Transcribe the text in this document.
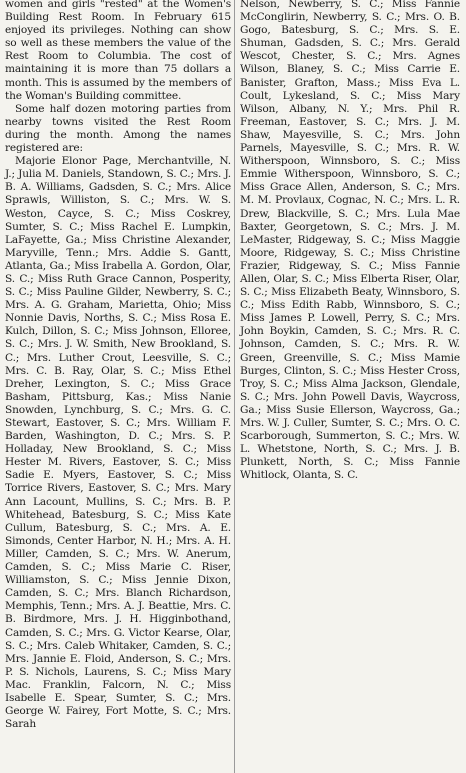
women and girls "rested" at the Women's Building Rest Room. In February 615 enjoyed its privileges. Nothing can show so well as these members the value of the Rest Room to Columbia. The cost of maintaining it is more than 75 dollars a month. This is assumed by the members of the Woman's Building committee.

Some half dozen motoring parties from nearby towns visited the Rest Room during the month. Among the names registered are:

Majorie Elonor Page, Merchantville, N. J.; Julia M. Daniels, Standown, S. C.; Mrs. J. B. A. Williams, Gadsden, S. C.; Mrs. Alice Sprawls, Williston, S. C.; Mrs. W. S. Weston, Cayce, S. C.; Miss Coskrey, Sumter, S. C.; Miss Rachel E. Lumpkin, LaFayette, Ga.; Miss Christine Alexander, Maryville, Tenn.; Mrs. Addie S. Gantt, Atlanta, Ga.; Miss Irabella A. Gordon, Olar, S. C.; Miss Ruth Grace Cannon, Posperity, S. C.; Miss Pauline Gilder, Newberry, S. C.; Mrs. A. G. Graham, Marietta, Ohio; Miss Nonnie Davis, Norths, S. C.; Miss Rosa E. Kulch, Dillon, S. C.; Miss Johnson, Elloree, S. C.; Mrs. J. W. Smith, New Brookland, S. C.; Mrs. Luther Crout, Leesville, S. C.; Mrs. C. B. Ray, Olar, S. C.; Miss Ethel Dreher, Lexington, S. C.; Miss Grace Basham, Pittsburg, Kas.; Miss Nanie Snowden, Lynchburg, S. C.; Mrs. G. C. Stewart, Eastover, S. C.; Mrs. William F. Barden, Washington, D. C.; Mrs. S. P. Holladay, New Brookland, S. C.; Miss Hester M. Rivers, Eastover, S. C.; Miss Sadie E. Myers, Eastover, S. C.; Miss Torrice Rivers, Eastover, S. C.; Mrs. Mary Ann Lacount, Mullins, S. C.; Mrs. B. P. Whitehead, Batesburg, S. C.; Miss Kate Cullum, Batesburg, S. C.; Mrs. A. E. Simonds, Center Harbor, N. H.; Mrs. A. H. Miller, Camden, S. C.; Mrs. W. Anerum, Camden, S. C.; Miss Marie C. Riser, Williamston, S. C.; Miss Jennie Dixon, Camden, S. C.; Mrs. Blanch Richardson, Memphis, Tenn.; Mrs. A. J. Beattie, Mrs. C. B. Birdmore, Mrs. J. H. Higginbothand, Camden, S. C.; Mrs. G. Victor Kearse, Olar, S. C.; Mrs. Caleb Whitaker, Camden, S. C.; Mrs. Jannie E. Floid, Anderson, S. C.; Mrs. P. S. Nichols, Laurens, S. C.; Miss Mary Mac. Franklin, Falcorn, N. C.; Miss Isabelle E. Spear, Sumter, S. C.; Mrs. George W. Fairey, Fort Motte, S. C.; Mrs. Sarah

Nelson, Newberry, S. C.; Miss Fannie McConglirin, Newberry, S. C.; Mrs. O. B. Gogo, Batesburg, S. C.; Mrs. S. E. Shuman, Gadsden, S. C.; Mrs. Gerald Wescot, Chester, S. C.; Mrs. Agnes Wilson, Blaney, S. C.; Miss Carrie E. Banister, Grafton, Mass.; Miss Eva L. Coult, Lykesland, S. C.; Miss Mary Wilson, Albany, N. Y.; Mrs. Phil R. Freeman, Eastover, S. C.; Mrs. J. M. Shaw, Mayesville, S. C.; Mrs. John Parnels, Mayesville, S. C.; Mrs. R. W. Witherspoon, Winnsboro, S. C.; Miss Emmie Witherspoon, Winnsboro, S. C.; Miss Grace Allen, Anderson, S. C.; Mrs. M. M. Provlaux, Cognac, N. C.; Mrs. L. R. Drew, Blackville, S. C.; Mrs. Lula Mae Baxter, Georgetown, S. C.; Mrs. J. M. LeMaster, Ridgeway, S. C.; Miss Maggie Moore, Ridgeway, S. C.; Miss Christine Frazier, Ridgeway, S. C.; Miss Fannie Allen, Olar, S. C.; Miss Elberta Riser, Olar, S. C.; Miss Elizabeth Beaty, Winnsboro, S. C.; Miss Edith Rabb, Winnsboro, S. C.; Miss James P. Lowell, Perry, S. C.; Mrs. John Boykin, Camden, S. C.; Mrs. R. C. Johnson, Camden, S. C.; Mrs. R. W. Green, Greenville, S. C.; Miss Mamie Burges, Clinton, S. C.; Miss Hester Cross, Troy, S. C.; Miss Alma Jackson, Glendale, S. C.; Mrs. John Powell Davis, Waycross, Ga.; Miss Susie Ellerson, Waycross, Ga.; Mrs. W. J. Culler, Sumter, S. C.; Mrs. O. C. Scarborough, Summerton, S. C.; Mrs. W. L. Whetstone, North, S. C.; Mrs. J. B. Plunkett, North, S. C.; Miss Fannie Whitlock, Olanta, S. C.
